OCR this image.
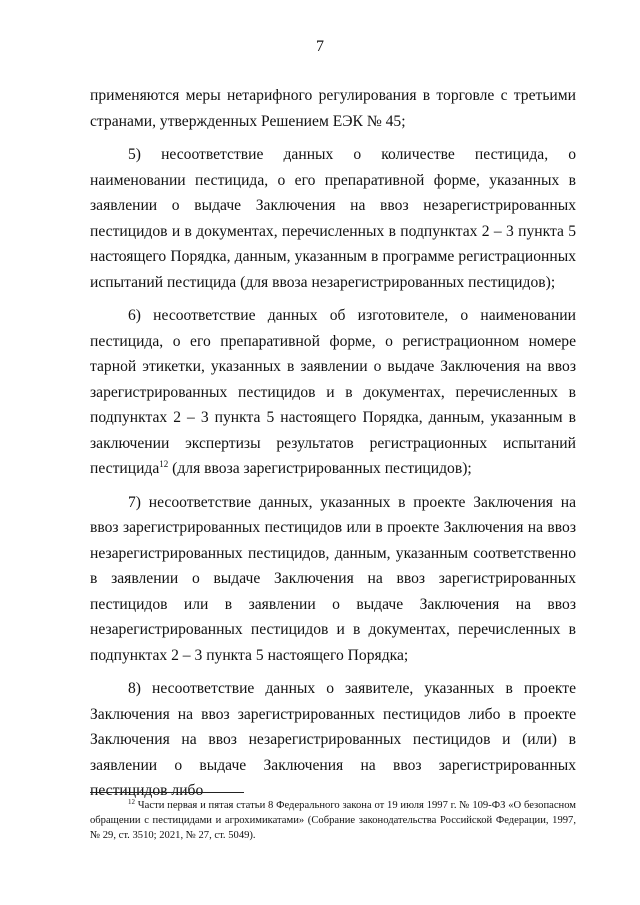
7

применяются меры нетарифного регулирования в торговле с третьими странами, утвержденных Решением ЕЭК № 45;

5) несоответствие данных о количестве пестицида, о наименовании пестицида, о его препаративной форме, указанных в заявлении о выдаче Заключения на ввоз незарегистрированных пестицидов и в документах, перечисленных в подпунктах 2 – 3 пункта 5 настоящего Порядка, данным, указанным в программе регистрационных испытаний пестицида (для ввоза незарегистрированных пестицидов);

6) несоответствие данных об изготовителе, о наименовании пестицида, о его препаративной форме, о регистрационном номере тарной этикетки, указанных в заявлении о выдаче Заключения на ввоз зарегистрированных пестицидов и в документах, перечисленных в подпунктах 2 – 3 пункта 5 настоящего Порядка, данным, указанным в заключении экспертизы результатов регистрационных испытаний пестицида$^{12}$ (для ввоза зарегистрированных пестицидов);

7) несоответствие данных, указанных в проекте Заключения на ввоз зарегистрированных пестицидов или в проекте Заключения на ввоз незарегистрированных пестицидов, данным, указанным соответственно в заявлении о выдаче Заключения на ввоз зарегистрированных пестицидов или в заявлении о выдаче Заключения на ввоз незарегистрированных пестицидов и в документах, перечисленных в подпунктах 2 – 3 пункта 5 настоящего Порядка;

8) несоответствие данных о заявителе, указанных в проекте Заключения на ввоз зарегистрированных пестицидов либо в проекте Заключения на ввоз незарегистрированных пестицидов и (или) в заявлении о выдаче Заключения на ввоз зарегистрированных пестицидов либо

$^{12}$ Части первая и пятая статьи 8 Федерального закона от 19 июля 1997 г. № 109-ФЗ «О безопасном обращении с пестицидами и агрохимикатами» (Собрание законодательства Российской Федерации, 1997, № 29, ст. 3510; 2021, № 27, ст. 5049).
